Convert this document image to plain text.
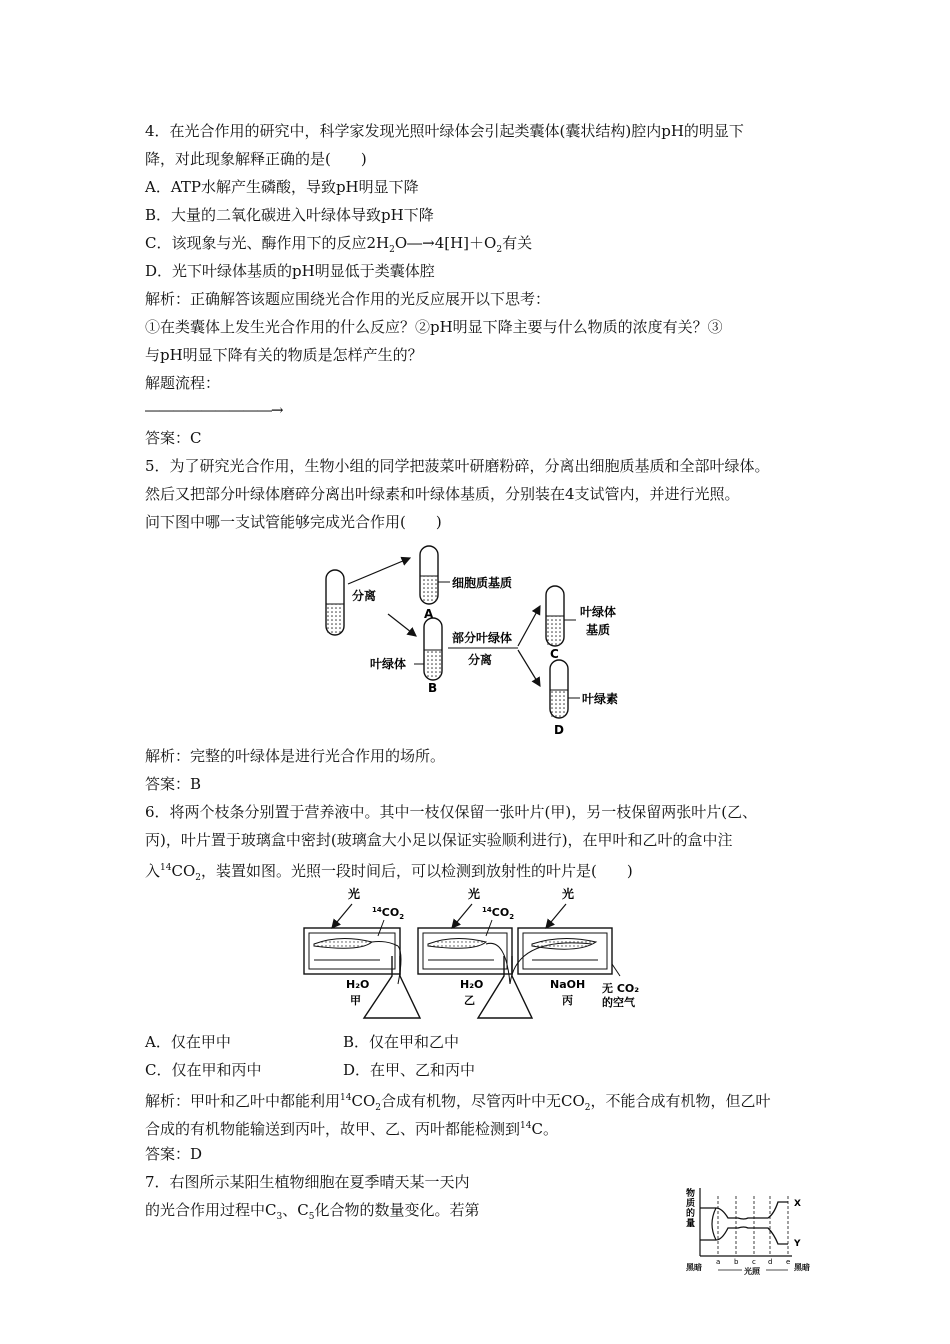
4．在光合作用的研究中，科学家发现光照叶绿体会引起类囊体(囊状结构)腔内pH的明显下
降，对此现象解释正确的是(　　)
A．ATP水解产生磷酸，导致pH明显下降
B．大量的二氧化碳进入叶绿体导致pH下降
C．该现象与光、酶作用下的反应$2H_2O―\to 4[H]+O_2$有关
D．光下叶绿体基质的pH明显低于类囊体腔
解析：正确解答该题应围绕光合作用的光反应展开以下思考：
①在类囊体上发生光合作用的什么反应？②pH明显下降主要与什么物质的浓度有关？③
与pH明显下降有关的物质是怎样产生的？
解题流程：
―――――――――→
答案：C
5．为了研究光合作用，生物小组的同学把菠菜叶研磨粉碎，分离出细胞质基质和全部叶绿体。
然后又把部分叶绿体磨碎分离出叶绿素和叶绿体基质，分别装在4支试管内，并进行光照。
问下图中哪一支试管能够完成光合作用(　　)
分离
细胞质基质
A
叶绿体
B
部分叶绿体
分离
叶绿体
基质
C
叶绿素
D
解析：完整的叶绿体是进行光合作用的场所。
答案：B
6．将两个枝条分别置于营养液中。其中一枝仅保留一张叶片(甲)，另一枝保留两张叶片(乙、
丙)，叶片置于玻璃盒中密封(玻璃盒大小足以保证实验顺利进行)，在甲叶和乙叶的盒中注
入$^{14}CO_2$，装置如图。光照一段时间后，可以检测到放射性的叶片是(　　)
光	光	光
$^{14}CO_2$
$^{14}CO_2$
H₂O
甲
H₂O
乙
NaOH
丙
无 CO₂
的空气
A．仅在甲中	B．仅在甲和乙中
C．仅在甲和丙中	D．在甲、乙和丙中
解析：甲叶和乙叶中都能利用$^{14}CO_2$合成有机物，尽管丙叶中无$CO_2$，不能合成有机物，但乙叶
合成的有机物能输送到丙叶，故甲、乙、丙叶都能检测到$^{14}$C。
答案：D
7．右图所示某阳生植物细胞在夏季晴天某一天内
的光合作用过程中$C_3$、$C_5$化合物的数量变化。若第
物
质
的
量
X
Y
黑暗
a b c d e
黑暗
光照
